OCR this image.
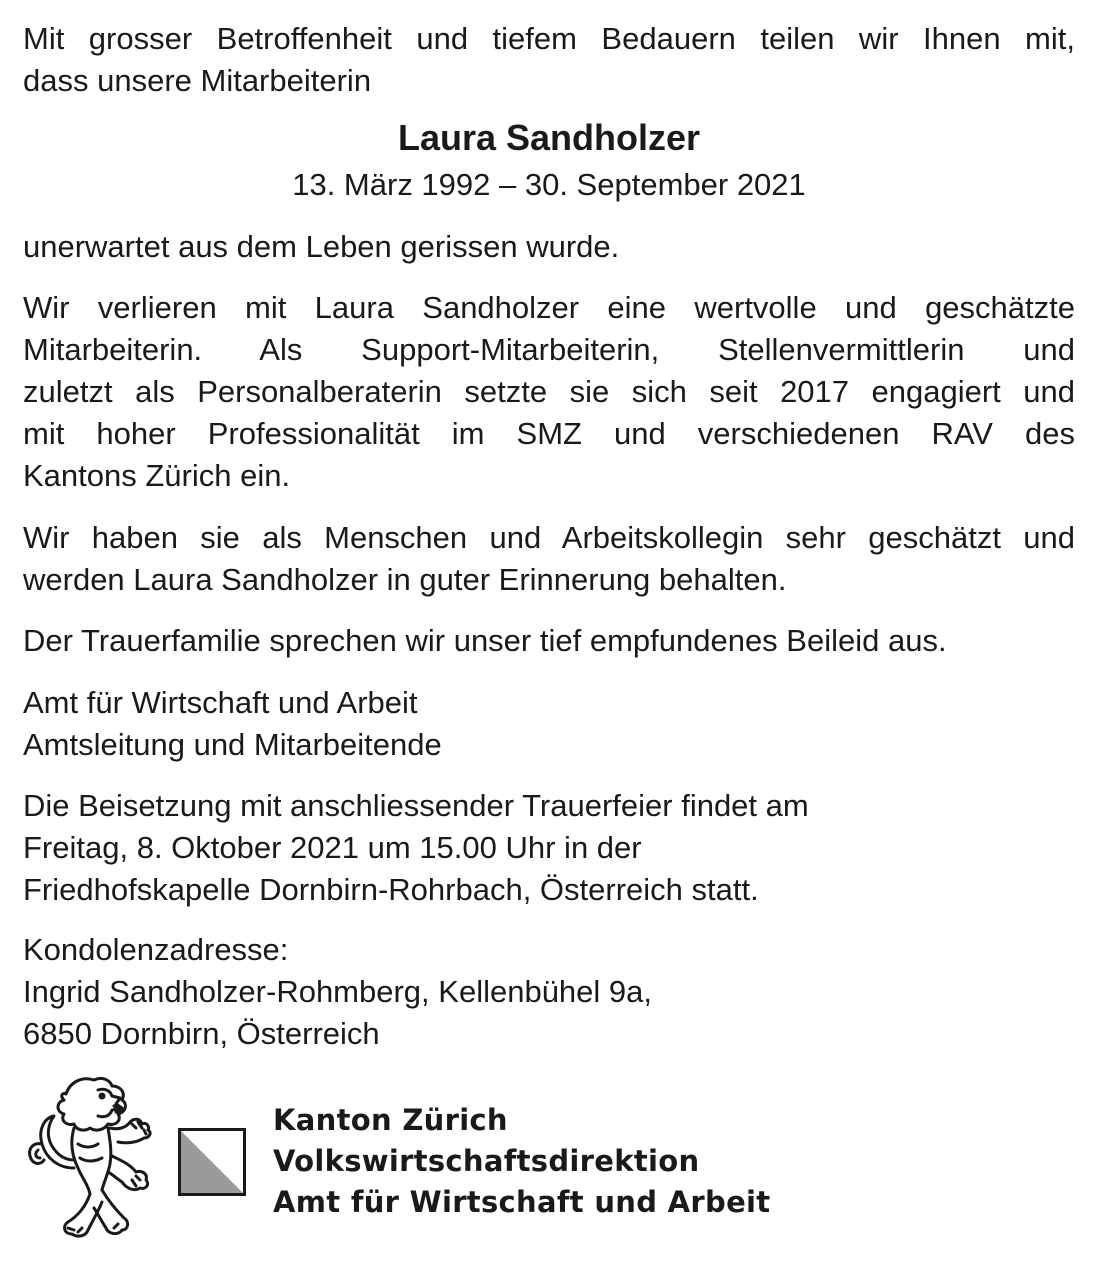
Mit grosser Betroffenheit und tiefem Bedauern teilen wir Ihnen mit,
dass unsere Mitarbeiterin

Laura Sandholzer
13. März 1992 – 30. September 2021

unerwartet aus dem Leben gerissen wurde.

Wir verlieren mit Laura Sandholzer eine wertvolle und geschätzte
Mitarbeiterin. Als Support-Mitarbeiterin, Stellenvermittlerin und
zuletzt als Personalberaterin setzte sie sich seit 2017 engagiert und
mit hoher Professionalität im SMZ und verschiedenen RAV des
Kantons Zürich ein.

Wir haben sie als Menschen und Arbeitskollegin sehr geschätzt und
werden Laura Sandholzer in guter Erinnerung behalten.

Der Trauerfamilie sprechen wir unser tief empfundenes Beileid aus.

Amt für Wirtschaft und Arbeit
Amtsleitung und Mitarbeitende

Die Beisetzung mit anschliessender Trauerfeier findet am
Freitag, 8. Oktober 2021 um 15.00 Uhr in der
Friedhofskapelle Dornbirn-Rohrbach, Österreich statt.

Kondolenzadresse:
Ingrid Sandholzer-Rohmberg, Kellenbühel 9a,
6850 Dornbirn, Österreich

Kanton Zürich
Volkswirtschaftsdirektion
Amt für Wirtschaft und Arbeit
